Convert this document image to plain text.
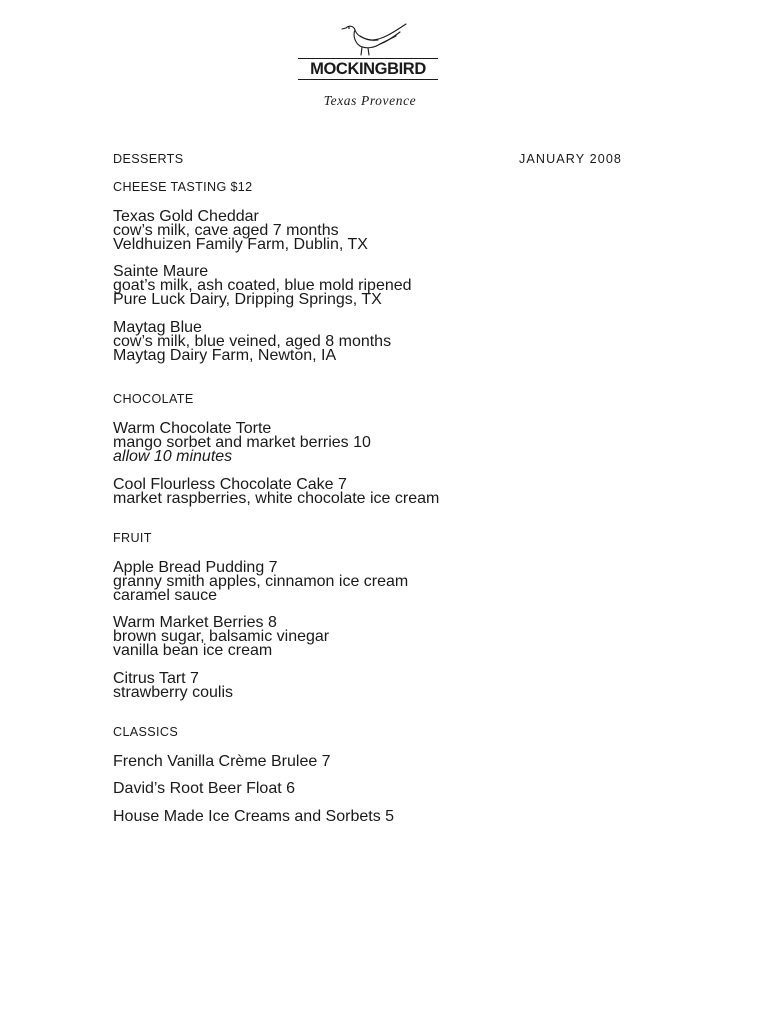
MOCKINGBIRD
Texas Provence
DESSERTS	JANUARY 2008
CHEESE TASTING $12
Texas Gold Cheddar
cow’s milk, cave aged 7 months
Veldhuizen Family Farm, Dublin, TX
Sainte Maure
goat’s milk, ash coated, blue mold ripened
Pure Luck Dairy, Dripping Springs, TX
Maytag Blue
cow’s milk, blue veined, aged 8 months
Maytag Dairy Farm, Newton, IA
CHOCOLATE
Warm Chocolate Torte
mango sorbet and market berries 10
allow 10 minutes
Cool Flourless Chocolate Cake 7
market raspberries, white chocolate ice cream
FRUIT
Apple Bread Pudding 7
granny smith apples, cinnamon ice cream
caramel sauce
Warm Market Berries 8
brown sugar, balsamic vinegar
vanilla bean ice cream
Citrus Tart 7
strawberry coulis
CLASSICS
French Vanilla Crème Brulee 7
David’s Root Beer Float 6
House Made Ice Creams and Sorbets 5
